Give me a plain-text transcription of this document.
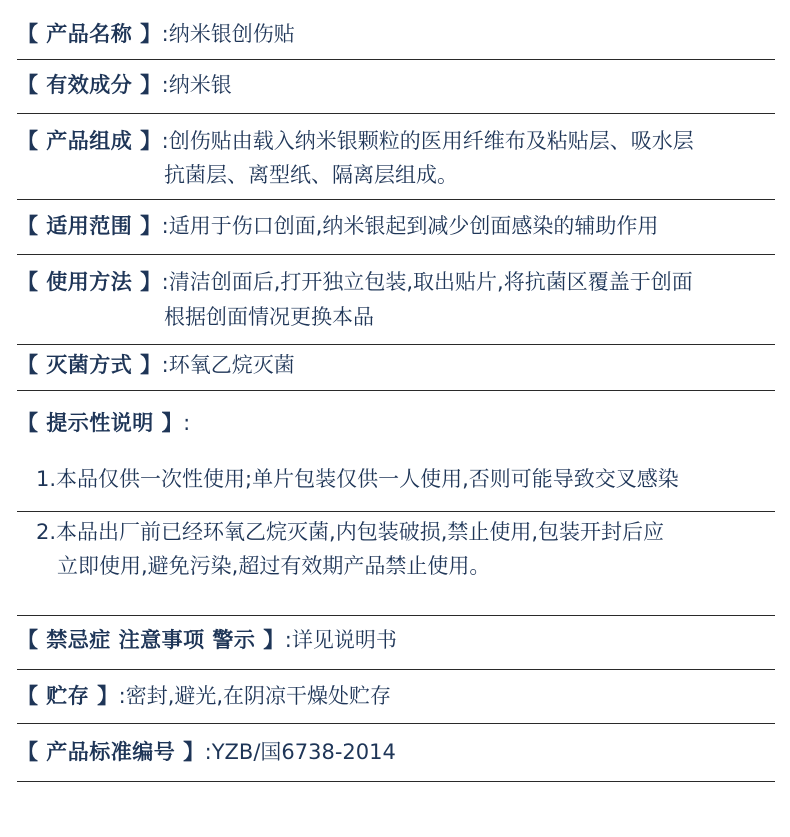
【 产品名称 】:纳米银创伤贴
【 有效成分 】:纳米银
【 产品组成 】:创伤贴由载入纳米银颗粒的医用纤维布及粘贴层、吸水层
抗菌层、离型纸、隔离层组成。
【 适用范围 】:适用于伤口创面,纳米银起到减少创面感染的辅助作用
【 使用方法 】:清洁创面后,打开独立包装,取出贴片,将抗菌区覆盖于创面
根据创面情况更换本品
【 灭菌方式 】:环氧乙烷灭菌
【 提示性说明 】:
1.本品仅供一次性使用;单片包装仅供一人使用,否则可能导致交叉感染
2.本品出厂前已经环氧乙烷灭菌,内包装破损,禁止使用,包装开封后应
立即使用,避免污染,超过有效期产品禁止使用。
【 禁忌症 注意事项 警示 】:详见说明书
【 贮存 】:密封,避光,在阴凉干燥处贮存
【 产品标准编号 】:YZB/国6738-2014
